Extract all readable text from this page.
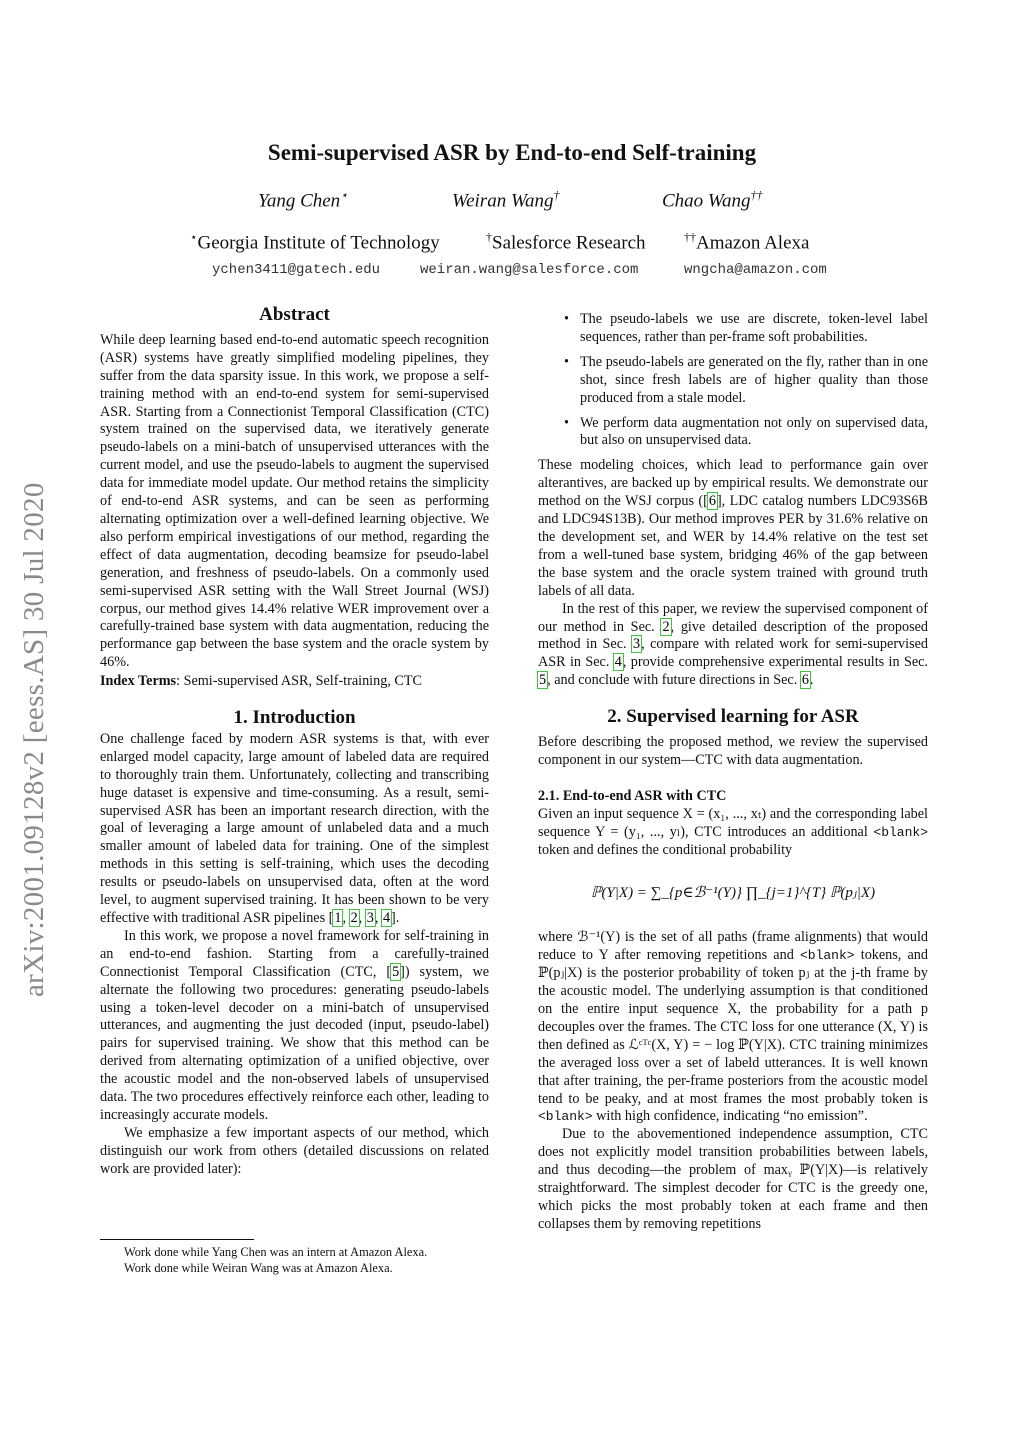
arXiv:2001.09128v2 [eess.AS] 30 Jul 2020
Semi-supervised ASR by End-to-end Self-training
Yang Chen⋆	Weiran Wang†	Chao Wang††
⋆Georgia Institute of Technology	†Salesforce Research	††Amazon Alexa
ychen3411@gatech.edu	weiran.wang@salesforce.com	wngcha@amazon.com
Abstract

While deep learning based end-to-end automatic speech recognition (ASR) systems have greatly simplified modeling pipelines, they suffer from the data sparsity issue. In this work, we propose a self-training method with an end-to-end system for semi-supervised ASR. Starting from a Connectionist Temporal Classification (CTC) system trained on the supervised data, we iteratively generate pseudo-labels on a mini-batch of unsupervised utterances with the current model, and use the pseudo-labels to augment the supervised data for immediate model update. Our method retains the simplicity of end-to-end ASR systems, and can be seen as performing alternating optimization over a well-defined learning objective. We also perform empirical investigations of our method, regarding the effect of data augmentation, decoding beamsize for pseudo-label generation, and freshness of pseudo-labels. On a commonly used semi-supervised ASR setting with the Wall Street Journal (WSJ) corpus, our method gives 14.4% relative WER improvement over a carefully-trained base system with data augmentation, reducing the performance gap between the base system and the oracle system by 46%.

Index Terms: Semi-supervised ASR, Self-training, CTC

1. Introduction

One challenge faced by modern ASR systems is that, with ever enlarged model capacity, large amount of labeled data are required to thoroughly train them. Unfortunately, collecting and transcribing huge dataset is expensive and time-consuming. As a result, semi-supervised ASR has been an important research direction, with the goal of leveraging a large amount of unlabeled data and a much smaller amount of labeled data for training. One of the simplest methods in this setting is self-training, which uses the decoding results or pseudo-labels on unsupervised data, often at the word level, to augment supervised training. It has been shown to be very effective with traditional ASR pipelines [1, 2, 3, 4].

In this work, we propose a novel framework for self-training in an end-to-end fashion. Starting from a carefully-trained Connectionist Temporal Classification (CTC, [5]) system, we alternate the following two procedures: generating pseudo-labels using a token-level decoder on a mini-batch of unsupervised utterances, and augmenting the just decoded (input, pseudo-label) pairs for supervised training. We show that this method can be derived from alternating optimization of a unified objective, over the acoustic model and the non-observed labels of unsupervised data. The two procedures effectively reinforce each other, leading to increasingly accurate models.

We emphasize a few important aspects of our method, which distinguish our work from others (detailed discussions on related work are provided later):

Work done while Yang Chen was an intern at Amazon Alexa.
Work done while Weiran Wang was at Amazon Alexa.
• The pseudo-labels we use are discrete, token-level label sequences, rather than per-frame soft probabilities.
• The pseudo-labels are generated on the fly, rather than in one shot, since fresh labels are of higher quality than those produced from a stale model.
• We perform data augmentation not only on supervised data, but also on unsupervised data.

These modeling choices, which lead to performance gain over alterantives, are backed up by empirical results. We demonstrate our method on the WSJ corpus ([6], LDC catalog numbers LDC93S6B and LDC94S13B). Our method improves PER by 31.6% relative on the development set, and WER by 14.4% relative on the test set from a well-tuned base system, bridging 46% of the gap between the base system and the oracle system trained with ground truth labels of all data.

In the rest of this paper, we review the supervised component of our method in Sec. 2, give detailed description of the proposed method in Sec. 3, compare with related work for semi-supervised ASR in Sec. 4, provide comprehensive experimental results in Sec. 5, and conclude with future directions in Sec. 6.

2. Supervised learning for ASR

Before describing the proposed method, we review the supervised component in our system—CTC with data augmentation.

2.1. End-to-end ASR with CTC

Given an input sequence X = (x₁, ..., xₜ) and the corresponding label sequence Y = (y₁, ..., yₗ), CTC introduces an additional <blank> token and defines the conditional probability

ℙ(Y|X) = ∑_{p∈ℬ⁻¹(Y)} ∏_{j=1}^{T} ℙ(pⱼ|X)

where ℬ⁻¹(Y) is the set of all paths (frame alignments) that would reduce to Y after removing repetitions and <blank> tokens, and ℙ(pⱼ|X) is the posterior probability of token pⱼ at the j-th frame by the acoustic model. The underlying assumption is that conditioned on the entire input sequence X, the probability for a path p decouples over the frames. The CTC loss for one utterance (X, Y) is then defined as ℒᶜᵀᶜ(X, Y) = − log ℙ(Y|X). CTC training minimizes the averaged loss over a set of labeld utterances. It is well known that after training, the per-frame posteriors from the acoustic model tend to be peaky, and at most frames the most probably token is <blank> with high confidence, indicating “no emission”.

Due to the abovementioned independence assumption, CTC does not explicitly model transition probabilities between labels, and thus decoding—the problem of maxᵧ ℙ(Y|X)—is relatively straightforward. The simplest decoder for CTC is the greedy one, which picks the most probably token at each frame and then collapses them by removing repetitions
